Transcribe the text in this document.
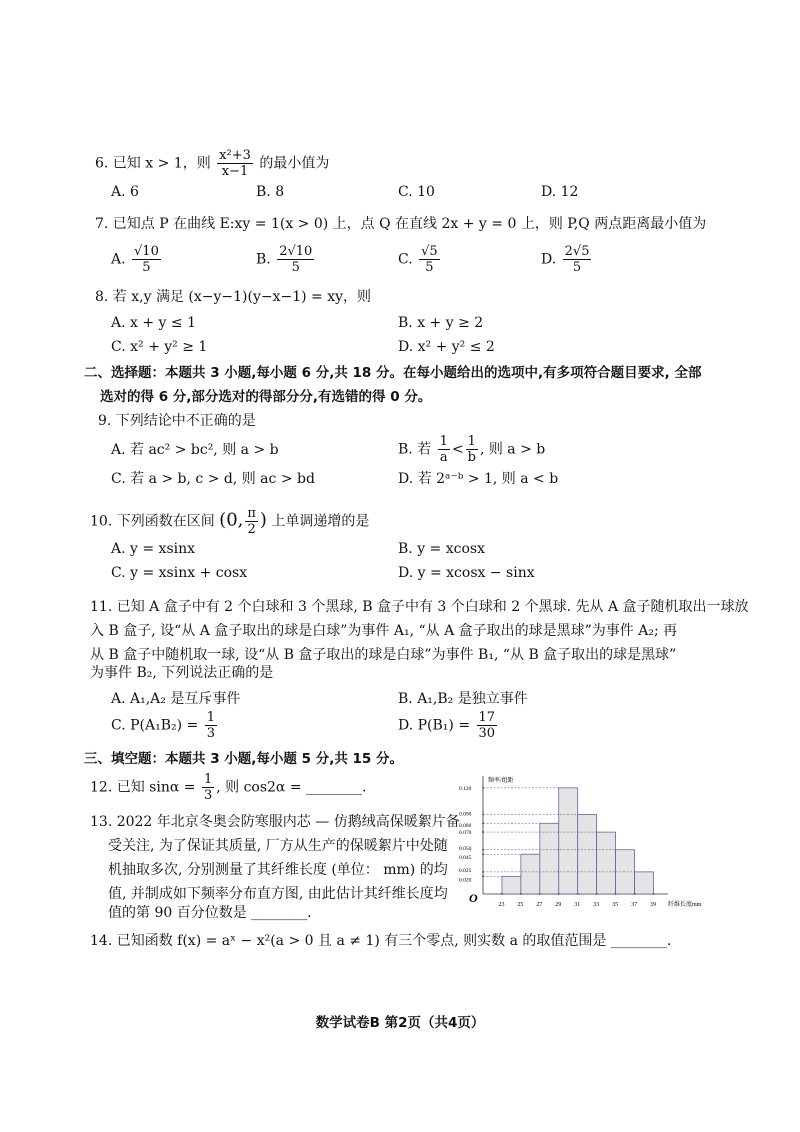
6. 已知 x > 1，则 $\frac{\text{x²+3}}{x-1}$ 的最小值为
A. 6	B. 8	C. 10	D. 12
7. 已知点 P 在曲线 E:xy = 1(x > 0) 上，点 Q 在直线 2x + y = 0 上，则 P,Q 两点距离最小值为
A. $\frac{√10}{5}$	B. $\frac{2√10}{5}$	C. $\frac{√5}{5}$	D. $\frac{2√5}{5}$
8. 若 x,y 满足 (x−y−1)(y−x−1) = xy，则
A. x + y ≤ 1	B. x + y ≥ 2
C. x² + y² ≥ 1	D. x² + y² ≤ 2
二、选择题：本题共 3 小题,每小题 6 分,共 18 分。在每小题给出的选项中,有多项符合题目要求, 全部
选对的得 6 分,部分选对的得部分分,有选错的得 0 分。
9. 下列结论中不正确的是
A. 若 ac² > bc², 则 a > b	B. 若 $\frac{1}{a} < \frac{1}{b}$ , 则 a > b
C. 若 a > b, c > d, 则 ac > bd	D. 若 2ᵃ⁻ᵇ > 1, 则 a < b
10. 下列函数在区间 (0, $\frac{\pi}{2}$ ) 上单调递增的是
A. y = xsinx	B. y = xcosx
C. y = xsinx + cosx	D. y = xcosx − sinx
11. 已知 A 盒子中有 2 个白球和 3 个黑球, B 盒子中有 3 个白球和 2 个黑球. 先从 A 盒子随机取出一球放
入 B 盒子, 设“从 A 盒子取出的球是白球”为事件 A₁, “从 A 盒子取出的球是黑球”为事件 A₂; 再
从 B 盒子中随机取一球, 设“从 B 盒子取出的球是白球”为事件 B₁, “从 B 盒子取出的球是黑球”
为事件 B₂, 下列说法正确的是
A. A₁,A₂ 是互斥事件	B. A₁,B₂ 是独立事件
C. $P(A_1B_2) = \frac{1}{3}$	D. $P(B_1) = \frac{17}{30}$
三、填空题：本题共 3 小题,每小题 5 分,共 15 分。
12. 已知 $\sin\alpha = \frac{1}{3}$ , 则 cos2α = ________.
13. 2022 年北京冬奥会防寒服内芯 — 仿鹅绒高保暖絮片备
受关注, 为了保证其质量, 厂方从生产的保暖絮片中处随
机抽取多次, 分别测量了其纤维长度 (单位： mm) 的均
值, 并制成如下频率分布直方图, 由此估计其纤维长度均
值的第 90 百分位数是 ________.
频率/组距
纤维长度mm
O
0.120
0.090
0.080
0.070
0.050
0.045
0.025
0.020
23 25 27 29 31 33 35 37 39
14. 已知函数 f(x) = aˣ − x²(a > 0 且 a ≠ 1) 有三个零点, 则实数 a 的取值范围是 ________.
数学试卷B 第2页（共4页）
